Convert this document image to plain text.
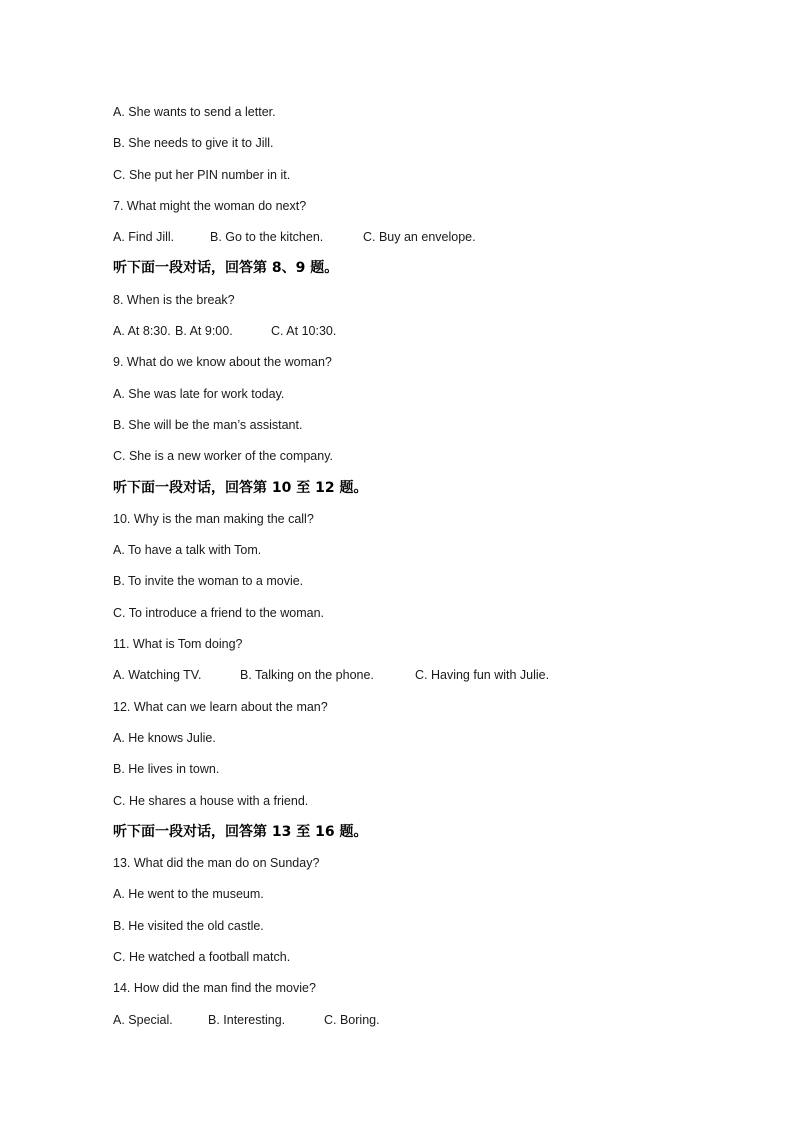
A. She wants to send a letter.
B. She needs to give it to Jill.
C. She put her PIN number in it.
7. What might the woman do next?
A. Find Jill.	B. Go to the kitchen.	C. Buy an envelope.
听下面一段对话，回答第 8、9 题。
8. When is the break?
A. At 8:30. B. At 9:00.	C. At 10:30.
9. What do we know about the woman?
A. She was late for work today.
B. She will be the man’s assistant.
C. She is a new worker of the company.
听下面一段对话，回答第 10 至 12 题。
10. Why is the man making the call?
A. To have a talk with Tom.
B. To invite the woman to a movie.
C. To introduce a friend to the woman.
11. What is Tom doing?
A. Watching TV.	B. Talking on the phone.	C. Having fun with Julie.
12. What can we learn about the man?
A. He knows Julie.
B. He lives in town.
C. He shares a house with a friend.
听下面一段对话，回答第 13 至 16 题。
13. What did the man do on Sunday?
A. He went to the museum.
B. He visited the old castle.
C. He watched a football match.
14. How did the man find the movie?
A. Special.	B. Interesting.	C. Boring.
